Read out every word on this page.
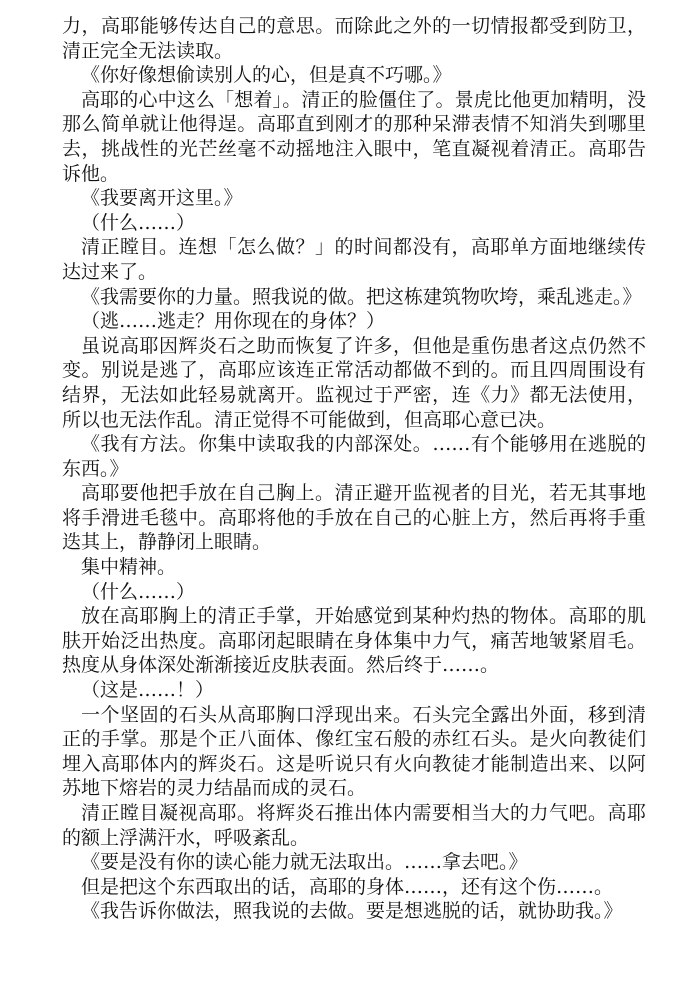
力，高耶能够传达自己的意思。而除此之外的一切情报都受到防卫，清正完全无法读取。

《你好像想偷读别人的心，但是真不巧哪。》

高耶的心中这么「想着」。清正的脸僵住了。景虎比他更加精明，没那么简单就让他得逞。高耶直到刚才的那种呆滞表情不知消失到哪里去，挑战性的光芒丝毫不动摇地注入眼中，笔直凝视着清正。高耶告诉他。

《我要离开这里。》

（什么……）

清正瞠目。连想「怎么做？」的时间都没有，高耶单方面地继续传达过来了。

《我需要你的力量。照我说的做。把这栋建筑物吹垮，乘乱逃走。》

（逃……逃走？用你现在的身体？）

虽说高耶因辉炎石之助而恢复了许多，但他是重伤患者这点仍然不变。别说是逃了，高耶应该连正常活动都做不到的。而且四周围设有结界，无法如此轻易就离开。监视过于严密，连《力》都无法使用，所以也无法作乱。清正觉得不可能做到，但高耶心意已决。

《我有方法。你集中读取我的内部深处。……有个能够用在逃脱的东西。》

高耶要他把手放在自己胸上。清正避开监视者的目光，若无其事地将手滑进毛毯中。高耶将他的手放在自己的心脏上方，然后再将手重迭其上，静静闭上眼睛。

集中精神。

（什么……）

放在高耶胸上的清正手掌，开始感觉到某种灼热的物体。高耶的肌肤开始泛出热度。高耶闭起眼睛在身体集中力气，痛苦地皱紧眉毛。热度从身体深处渐渐接近皮肤表面。然后终于……。

（这是……！）

一个坚固的石头从高耶胸口浮现出来。石头完全露出外面，移到清正的手掌。那是个正八面体、像红宝石般的赤红石头。是火向教徒们埋入高耶体内的辉炎石。这是听说只有火向教徒才能制造出来、以阿苏地下熔岩的灵力结晶而成的灵石。

清正瞠目凝视高耶。将辉炎石推出体内需要相当大的力气吧。高耶的额上浮满汗水，呼吸紊乱。

《要是没有你的读心能力就无法取出。……拿去吧。》

但是把这个东西取出的话，高耶的身体……，还有这个伤……。

《我告诉你做法，照我说的去做。要是想逃脱的话，就协助我。》
